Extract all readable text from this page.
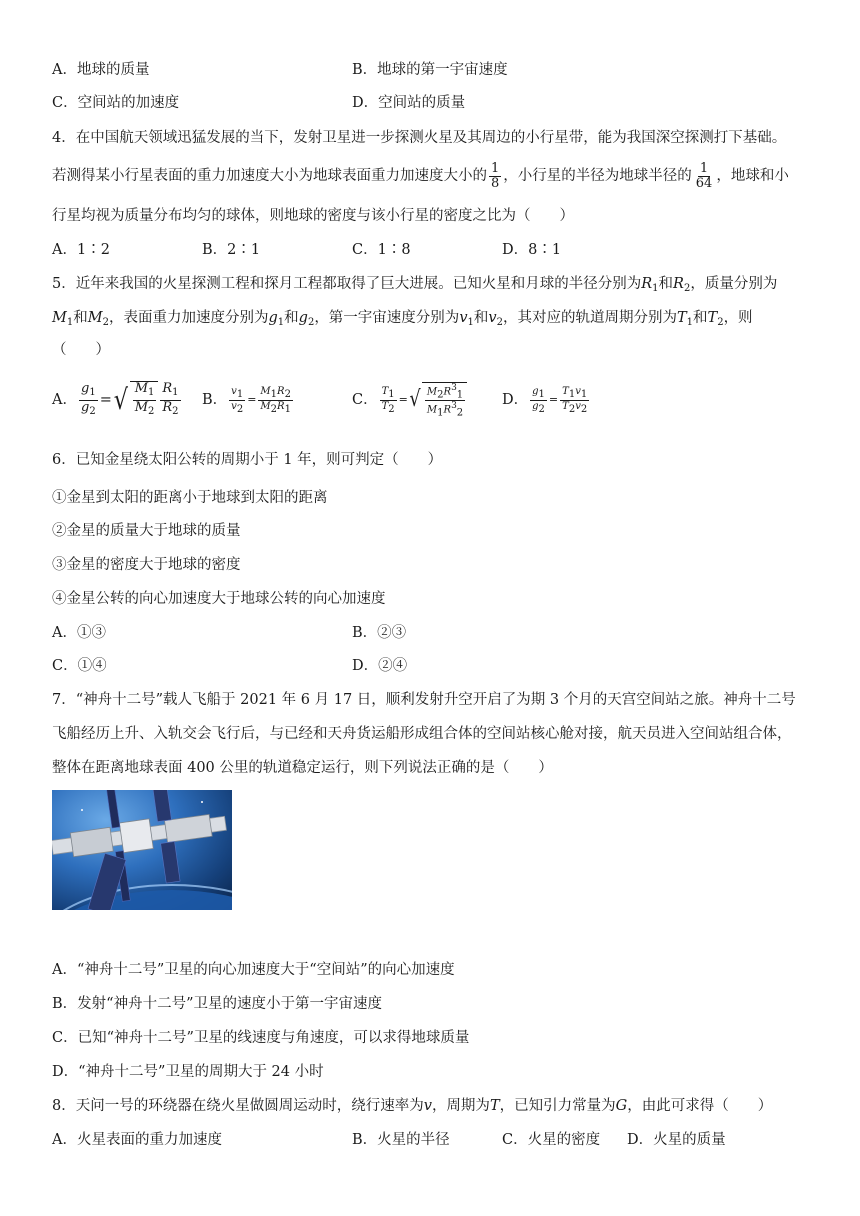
A．地球的质量	B．地球的第一宇宙速度
C．空间站的加速度	D．空间站的质量
4．在中国航天领域迅猛发展的当下，发射卫星进一步探测火星及其周边的小行星带，能为我国深空探测打下基础。
若测得某小行星表面的重力加速度大小为地球表面重力加速度大小的 $\frac{1}{8}$ ，小行星的半径为地球半径的 $\frac{1}{64}$ ，地球和小
行星均视为质量分布均匀的球体，则地球的密度与该小行星的密度之比为（　　）
A．1∶2	B．2∶1	C．1∶8	D．8∶1
5．近年来我国的火星探测工程和探月工程都取得了巨大进展。已知火星和月球的半径分别为$R_1$和$R_2$，质量分别为
$M_1$和$M_2$，表面重力加速度分别为$g_1$和$g_2$，第一宇宙速度分别为$v_1$和$v_2$，其对应的轨道周期分别为$T_1$和$T_2$，则
（　　）
A． $\frac{g_1}{g_2}$ = √ $\frac{M_1}{M_2} \frac{R_1}{R_2}$ B． $\frac{v_1}{v_2} = \frac{M_1R_2}{M_2R_1}$	C． $\frac{T_1}{T_2}$ = √ $\frac{M_2R^3_1}{M_1R^3_2}$	D． $\frac{g_1}{g_2} = \frac{T_1v_1}{T_2v_2}$
6．已知金星绕太阳公转的周期小于 1 年，则可判定（　　）
①金星到太阳的距离小于地球到太阳的距离
②金星的质量大于地球的质量
③金星的密度大于地球的密度
④金星公转的向心加速度大于地球公转的向心加速度
A．①③	B．②③
C．①④	D．②④
7．“神舟十二号”载人飞船于 2021 年 6 月 17 日，顺利发射升空开启了为期 3 个月的天宫空间站之旅。神舟十二号
飞船经历上升、入轨交会飞行后，与已经和天舟货运船形成组合体的空间站核心舱对接，航天员进入空间站组合体，
整体在距离地球表面 400 公里的轨道稳定运行，则下列说法正确的是（　　）
A．“神舟十二号”卫星的向心加速度大于“空间站”的向心加速度
B．发射“神舟十二号”卫星的速度小于第一宇宙速度
C．已知“神舟十二号”卫星的线速度与角速度，可以求得地球质量
D．“神舟十二号”卫星的周期大于 24 小时
8．天问一号的环绕器在绕火星做圆周运动时，绕行速率为v，周期为T，已知引力常量为G，由此可求得（　　）
A．火星表面的重力加速度	B．火星的半径	C．火星的密度 D．火星的质量
